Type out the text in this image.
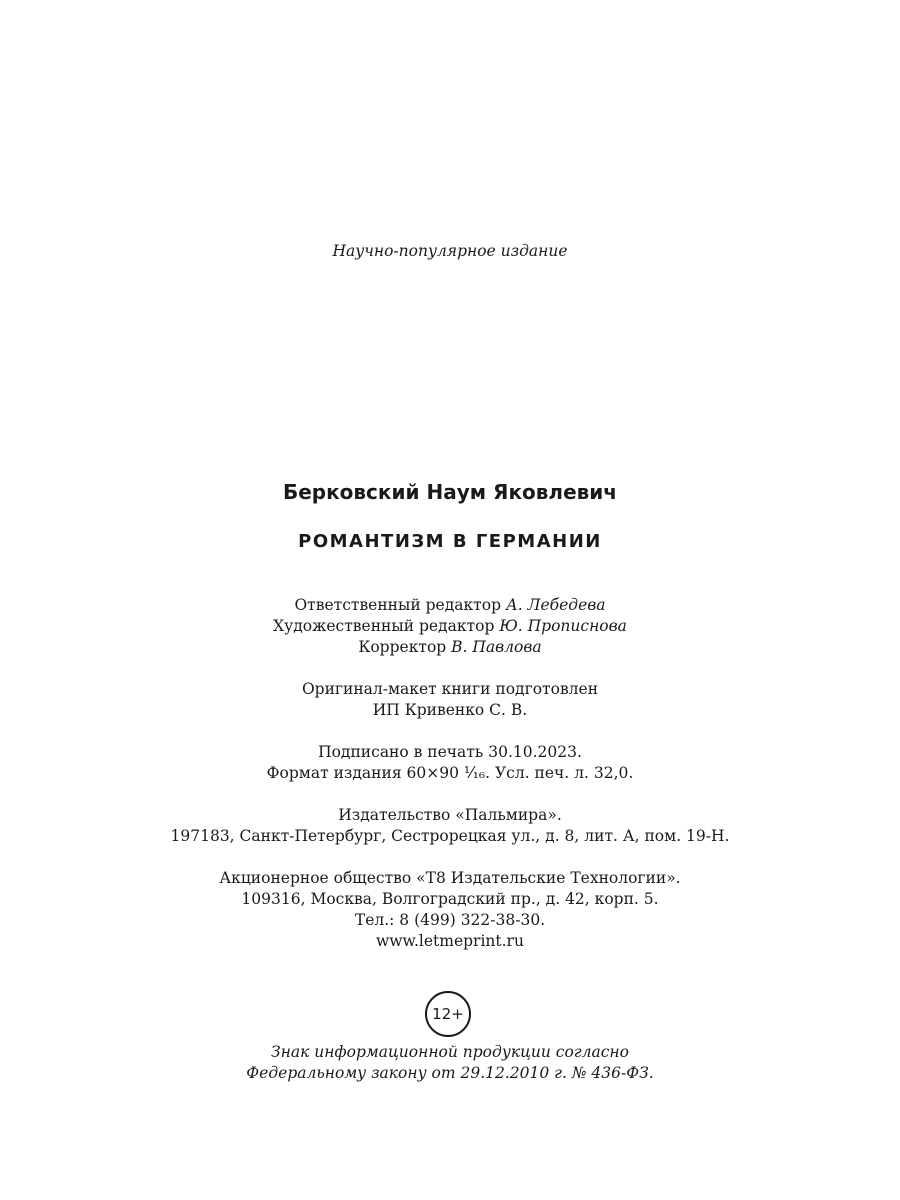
Научно-популярное издание
Берковский Наум Яковлевич
РОМАНТИЗМ В ГЕРМАНИИ
Ответственный редактор А. Лебедева
Художественный редактор Ю. Прописнова
Корректор В. Павлова
Оригинал-макет книги подготовлен
ИП Кривенко С. В.
Подписано в печать 30.10.2023.
Формат издания 60×90 ¹⁄₁₆. Усл. печ. л. 32,0.
Издательство «Пальмира».
197183, Санкт-Петербург, Сестрорецкая ул., д. 8, лит. А, пом. 19-Н.
Акционерное общество «Т8 Издательские Технологии».
109316, Москва, Волгоградский пр., д. 42, корп. 5.
Тел.: 8 (499) 322-38-30.
www.letmeprint.ru
12+
Знак информационной продукции согласно
Федеральному закону от 29.12.2010 г. № 436-ФЗ.
